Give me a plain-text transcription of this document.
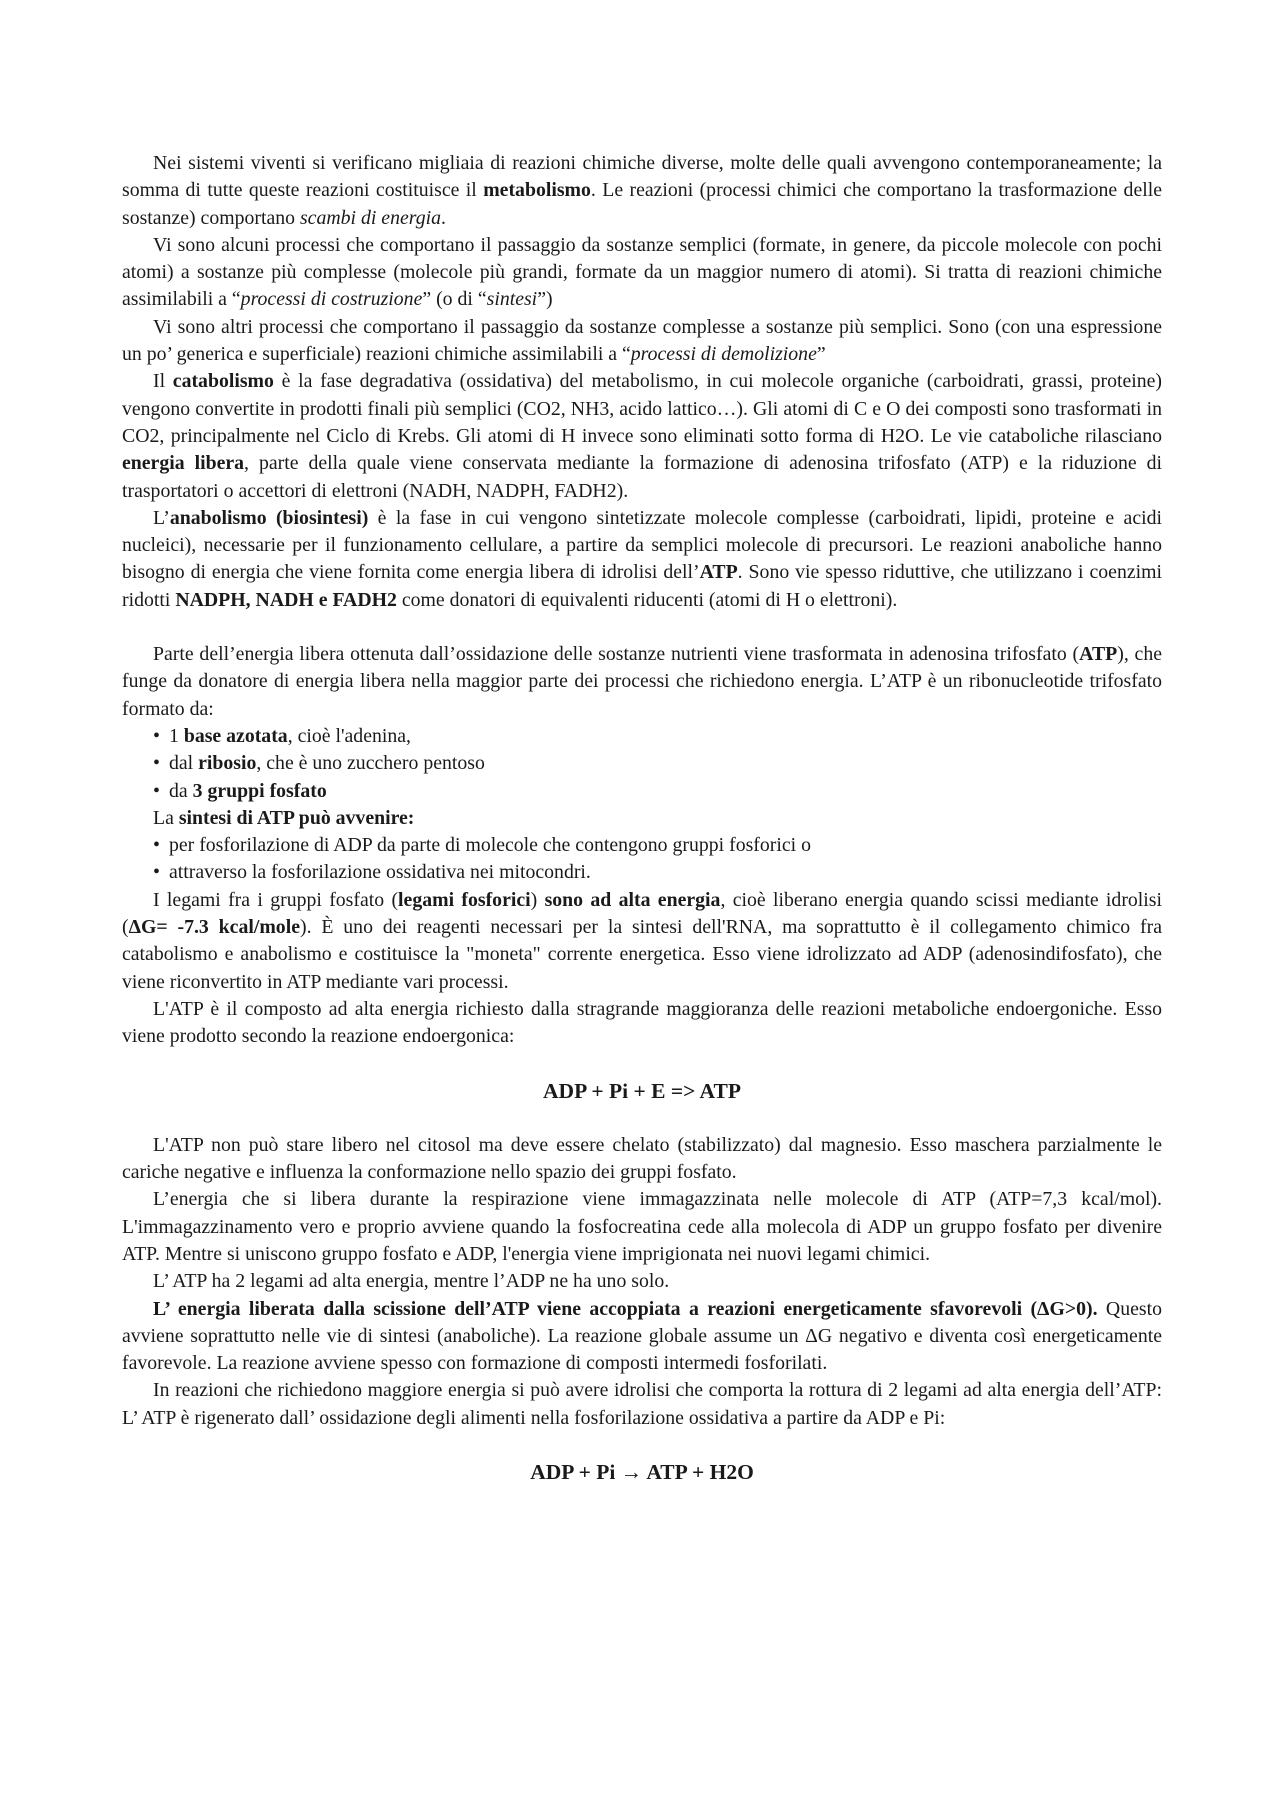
Nei sistemi viventi si verificano migliaia di reazioni chimiche diverse, molte delle quali avvengono contemporaneamente; la somma di tutte queste reazioni costituisce il metabolismo. Le reazioni (processi chimici che comportano la trasformazione delle sostanze) comportano scambi di energia.

Vi sono alcuni processi che comportano il passaggio da sostanze semplici (formate, in genere, da piccole molecole con pochi atomi) a sostanze più complesse (molecole più grandi, formate da un maggior numero di atomi). Si tratta di reazioni chimiche assimilabili a “processi di costruzione” (o di “sintesi”)

Vi sono altri processi che comportano il passaggio da sostanze complesse a sostanze più semplici. Sono (con una espressione un po’ generica e superficiale) reazioni chimiche assimilabili a “processi di demolizione”

Il catabolismo è la fase degradativa (ossidativa) del metabolismo, in cui molecole organiche (carboidrati, grassi, proteine) vengono convertite in prodotti finali più semplici (CO2, NH3, acido lattico…). Gli atomi di C e O dei composti sono trasformati in CO2, principalmente nel Ciclo di Krebs. Gli atomi di H invece sono eliminati sotto forma di H2O. Le vie cataboliche rilasciano energia libera, parte della quale viene conservata mediante la formazione di adenosina trifosfato (ATP) e la riduzione di trasportatori o accettori di elettroni (NADH, NADPH, FADH2).

L’anabolismo (biosintesi) è la fase in cui vengono sintetizzate molecole complesse (carboidrati, lipidi, proteine e acidi nucleici), necessarie per il funzionamento cellulare, a partire da semplici molecole di precursori. Le reazioni anaboliche hanno bisogno di energia che viene fornita come energia libera di idrolisi dell’ATP. Sono vie spesso riduttive, che utilizzano i coenzimi ridotti NADPH, NADH e FADH2 come donatori di equivalenti riducenti (atomi di H o elettroni).

Parte dell’energia libera ottenuta dall’ossidazione delle sostanze nutrienti viene trasformata in adenosina trifosfato (ATP), che funge da donatore di energia libera nella maggior parte dei processi che richiedono energia. L’ATP è un ribonucleotide trifosfato formato da:

• 1 base azotata, cioè l'adenina,
• dal ribosio, che è uno zucchero pentoso
• da 3 gruppi fosfato

La sintesi di ATP può avvenire:

• per fosforilazione di ADP da parte di molecole che contengono gruppi fosforici o
• attraverso la fosforilazione ossidativa nei mitocondri.

I legami fra i gruppi fosfato (legami fosforici) sono ad alta energia, cioè liberano energia quando scissi mediante idrolisi (ΔG= -7.3 kcal/mole). È uno dei reagenti necessari per la sintesi dell'RNA, ma soprattutto è il collegamento chimico fra catabolismo e anabolismo e costituisce la "moneta" corrente energetica. Esso viene idrolizzato ad ADP (adenosindifosfato), che viene riconvertito in ATP mediante vari processi.

L'ATP è il composto ad alta energia richiesto dalla stragrande maggioranza delle reazioni metaboliche endoergoniche. Esso viene prodotto secondo la reazione endoergonica:

ADP + Pi + E => ATP

L'ATP non può stare libero nel citosol ma deve essere chelato (stabilizzato) dal magnesio. Esso maschera parzialmente le cariche negative e influenza la conformazione nello spazio dei gruppi fosfato.

L’energia che si libera durante la respirazione viene immagazzinata nelle molecole di ATP (ATP=7,3 kcal/mol). L'immagazzinamento vero e proprio avviene quando la fosfocreatina cede alla molecola di ADP un gruppo fosfato per divenire ATP. Mentre si uniscono gruppo fosfato e ADP, l'energia viene imprigionata nei nuovi legami chimici.

L’ ATP ha 2 legami ad alta energia, mentre l’ADP ne ha uno solo.

L’ energia liberata dalla scissione dell’ATP viene accoppiata a reazioni energeticamente sfavorevoli (ΔG>0). Questo avviene soprattutto nelle vie di sintesi (anaboliche). La reazione globale assume un ΔG negativo e diventa così energeticamente favorevole. La reazione avviene spesso con formazione di composti intermedi fosforilati.

In reazioni che richiedono maggiore energia si può avere idrolisi che comporta la rottura di 2 legami ad alta energia dell’ATP: L’ ATP è rigenerato dall’ ossidazione degli alimenti nella fosforilazione ossidativa a partire da ADP e Pi:

ADP + Pi → ATP + H2O
